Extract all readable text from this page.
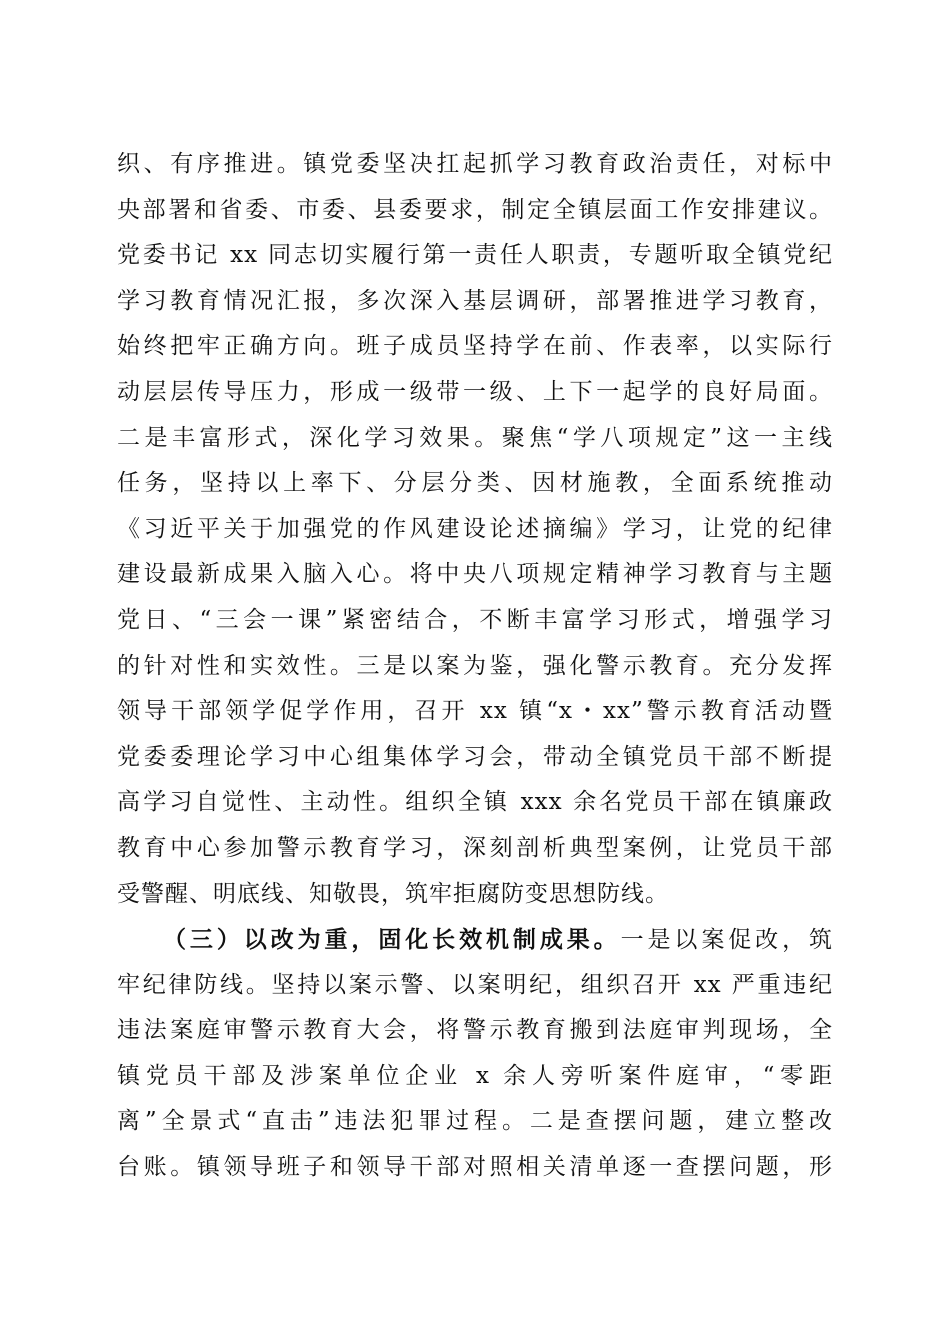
织、有序推进。镇党委坚决扛起抓学习教育政治责任，对标中
央部署和省委、市委、县委要求，制定全镇层面工作安排建议。
党委书记 xx 同志切实履行第一责任人职责，专题听取全镇党纪
学习教育情况汇报，多次深入基层调研，部署推进学习教育，
始终把牢正确方向。班子成员坚持学在前、作表率，以实际行
动层层传导压力，形成一级带一级、上下一起学的良好局面。
二是丰富形式，深化学习效果。聚焦“学八项规定”这一主线
任务，坚持以上率下、分层分类、因材施教，全面系统推动
《习近平关于加强党的作风建设论述摘编》学习，让党的纪律
建设最新成果入脑入心。将中央八项规定精神学习教育与主题
党日、“三会一课”紧密结合，不断丰富学习形式，增强学习
的针对性和实效性。三是以案为鉴，强化警示教育。充分发挥
领导干部领学促学作用，召开 xx 镇“x・xx”警示教育活动暨
党委委理论学习中心组集体学习会，带动全镇党员干部不断提
高学习自觉性、主动性。组织全镇 xxx 余名党员干部在镇廉政
教育中心参加警示教育学习，深刻剖析典型案例，让党员干部
受警醒、明底线、知敬畏，筑牢拒腐防变思想防线。
（三）以改为重，固化长效机制成果。一是以案促改，筑
牢纪律防线。坚持以案示警、以案明纪，组织召开 xx 严重违纪
违法案庭审警示教育大会，将警示教育搬到法庭审判现场，全
镇党员干部及涉案单位企业 x 余人旁听案件庭审，“零距
离”全景式“直击”违法犯罪过程。二是查摆问题，建立整改
台账。镇领导班子和领导干部对照相关清单逐一查摆问题，形
